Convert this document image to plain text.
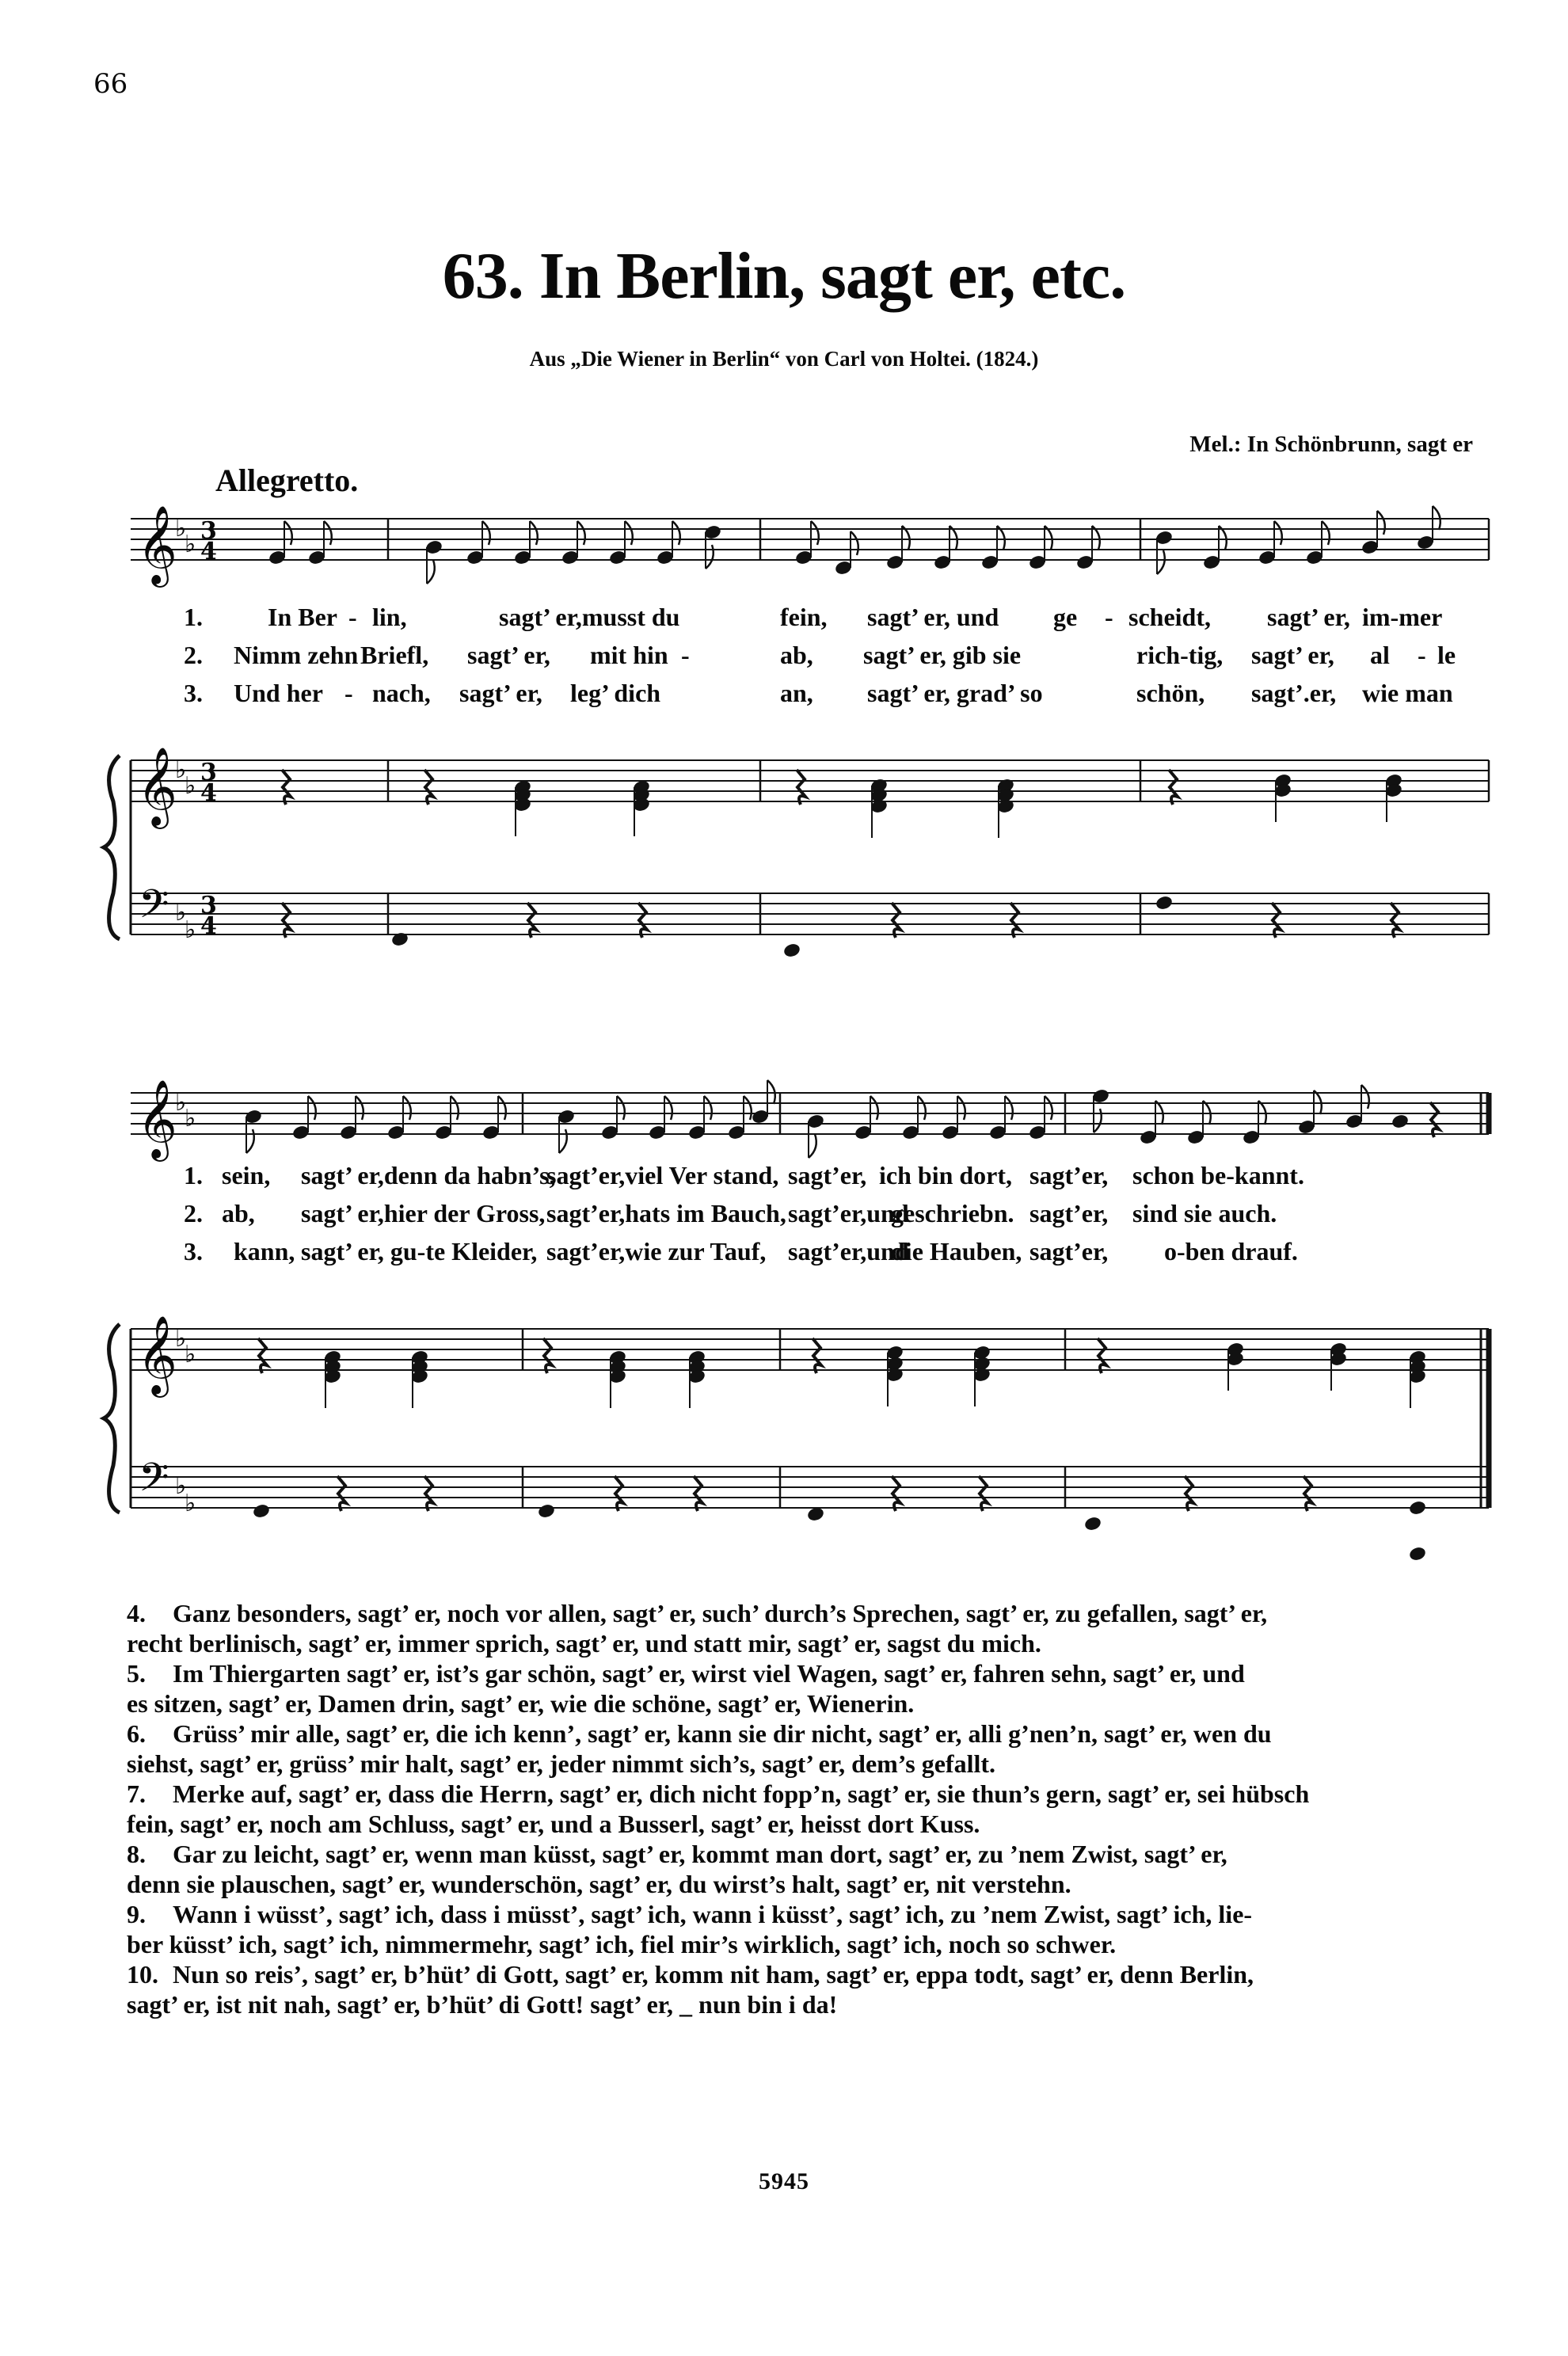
66
63. In Berlin, sagt er, etc.
Aus „Die Wiener in Berlin“ von Carl von Holtei. (1824.)
Mel.: In Schönbrunn, sagt er
Allegretto.
𝄞
♭
♭ 3
4
𝄞
♭
♭ 3
4
𝄢 ♭
♭
3
4
𝄞
♭
♭
𝄞
♭
♭
𝄢 ♭
♭
1.	In Ber - lin,	sagt’ er,musst du	fein, sagt’ er, und ge - scheidt, sagt’ er, im-mer
2. Nimm zehn Briefl, sagt’ er, mit hin -	ab, sagt’ er, gib sie	rich-tig, sagt’ er, al - le
3. Und her - nach, sagt’ er, leg’ dich	an, sagt’ er, grad’ so	schön, sagt’.er, wie man
1. sein, sagt’ er,denn da habn’s,
sagt’er,viel Ver stand, sagt’er, ich bin dort, sagt’er, schon be-kannt.
2. ab, sagt’ er,hier der Gross, sagt’er,hats im Bauch, sagt’er,und
geschriebn. sagt’er, sind sie auch.
3. kann, sagt’ er, gu-te Kleider, sagt’er,wie zur Tauf, sagt’er,und
die Hauben, sagt’er, o-ben drauf.
4. Ganz besonders, sagt’ er, noch vor allen, sagt’ er, such’ durch’s Sprechen, sagt’ er, zu gefallen, sagt’ er,
recht berlinisch, sagt’ er, immer sprich, sagt’ er, und statt mir, sagt’ er, sagst du mich.
5. Im Thiergarten sagt’ er, ist’s gar schön, sagt’ er, wirst viel Wagen, sagt’ er, fahren sehn, sagt’ er, und
es sitzen, sagt’ er, Damen drin, sagt’ er, wie die schöne, sagt’ er, Wienerin.
6. Grüss’ mir alle, sagt’ er, die ich kenn’, sagt’ er, kann sie dir nicht, sagt’ er, alli g’nen’n, sagt’ er, wen du
siehst, sagt’ er, grüss’ mir halt, sagt’ er, jeder nimmt sich’s, sagt’ er, dem’s gefallt.
7. Merke auf, sagt’ er, dass die Herrn, sagt’ er, dich nicht fopp’n, sagt’ er, sie thun’s gern, sagt’ er, sei hübsch
fein, sagt’ er, noch am Schluss, sagt’ er, und a Busserl, sagt’ er, heisst dort Kuss.
8. Gar zu leicht, sagt’ er, wenn man küsst, sagt’ er, kommt man dort, sagt’ er, zu ’nem Zwist, sagt’ er,
denn sie plauschen, sagt’ er, wunderschön, sagt’ er, du wirst’s halt, sagt’ er, nit verstehn.
9. Wann i wüsst’, sagt’ ich, dass i müsst’, sagt’ ich, wann i küsst’, sagt’ ich, zu ’nem Zwist, sagt’ ich, lie-
ber küsst’ ich, sagt’ ich, nimmermehr, sagt’ ich, fiel mir’s wirklich, sagt’ ich, noch so schwer.
10. Nun so reis’, sagt’ er, b’hüt’ di Gott, sagt’ er, komm nit ham, sagt’ er, eppa todt, sagt’ er, denn Berlin,
sagt’ er, ist nit nah, sagt’ er, b’hüt’ di Gott! sagt’ er, _ nun bin i da!
5945
